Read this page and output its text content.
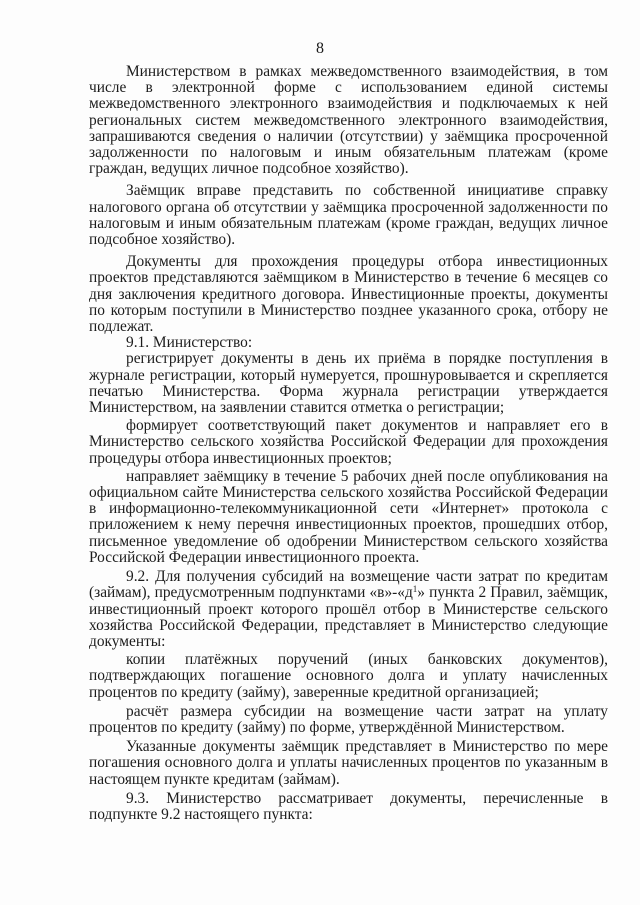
8

Министерством в рамках межведомственного взаимодействия, в том числе в электронной форме с использованием единой системы межведомственного электронного взаимодействия и подключаемых к ней региональных систем межведомственного электронного взаимодействия, запрашиваются сведения о наличии (отсутствии) у заёмщика просроченной задолженности по налоговым и иным обязательным платежам (кроме граждан, ведущих личное подсобное хозяйство).

Заёмщик вправе представить по собственной инициативе справку налогового органа об отсутствии у заёмщика просроченной задолженности по налоговым и иным обязательным платежам (кроме граждан, ведущих личное подсобное хозяйство).

Документы для прохождения процедуры отбора инвестиционных проектов представляются заёмщиком в Министерство в течение 6 месяцев со дня заключения кредитного договора. Инвестиционные проекты, документы по которым поступили в Министерство позднее указанного срока, отбору не подлежат.

9.1. Министерство:

регистрирует документы в день их приёма в порядке поступления в журнале регистрации, который нумеруется, прошнуровывается и скрепляется печатью Министерства. Форма журнала регистрации утверждается Министерством, на заявлении ставится отметка о регистрации;

формирует соответствующий пакет документов и направляет его в Министерство сельского хозяйства Российской Федерации для прохождения процедуры отбора инвестиционных проектов;

направляет заёмщику в течение 5 рабочих дней после опубликования на официальном сайте Министерства сельского хозяйства Российской Федерации в информационно-телекоммуникационной сети «Интернет» протокола с приложением к нему перечня инвестиционных проектов, прошедших отбор, письменное уведомление об одобрении Министерством сельского хозяйства Российской Федерации инвестиционного проекта.

9.2. Для получения субсидий на возмещение части затрат по кредитам (займам), предусмотренным подпунктами «$в»-«д^1$» пункта 2 Правил, заёмщик, инвестиционный проект которого прошёл отбор в Министерстве сельского хозяйства Российской Федерации, представляет в Министерство следующие документы:

копии платёжных поручений (иных банковских документов), подтверждающих погашение основного долга и уплату начисленных процентов по кредиту (займу), заверенные кредитной организацией;

расчёт размера субсидии на возмещение части затрат на уплату процентов по кредиту (займу) по форме, утверждённой Министерством.

Указанные документы заёмщик представляет в Министерство по мере погашения основного долга и уплаты начисленных процентов по указанным в настоящем пункте кредитам (займам).

9.3. Министерство рассматривает документы, перечисленные в подпункте 9.2 настоящего пункта:
